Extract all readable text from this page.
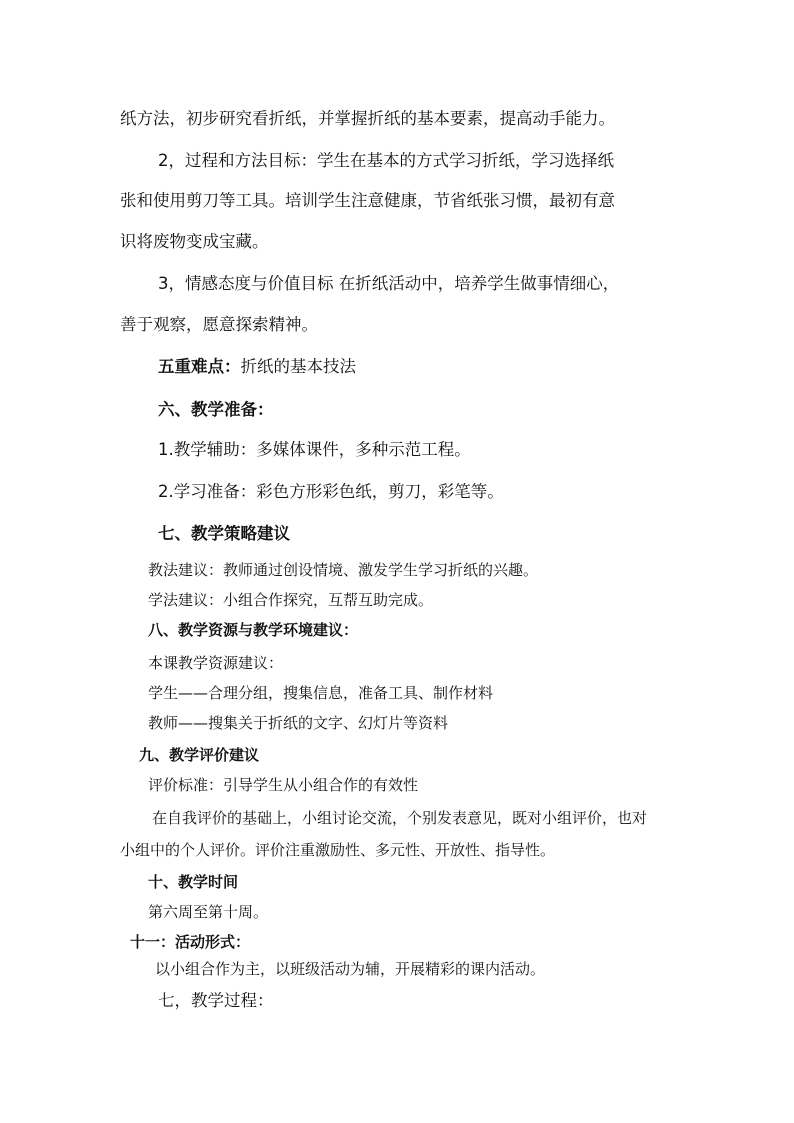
纸方法，初步研究看折纸，并掌握折纸的基本要素，提高动手能力。
2，过程和方法目标：学生在基本的方式学习折纸，学习选择纸
张和使用剪刀等工具。培训学生注意健康，节省纸张习惯，最初有意
识将废物变成宝藏。
3，情感态度与价值目标 在折纸活动中，培养学生做事情细心，
善于观察，愿意探索精神。
五重难点：折纸的基本技法
六、教学准备：
1.教学辅助：多媒体课件，多种示范工程。
2.学习准备：彩色方形彩色纸，剪刀，彩笔等。
七、教学策略建议
教法建议：教师通过创设情境、激发学生学习折纸的兴趣。
学法建议：小组合作探究，互帮互助完成。
八、教学资源与教学环境建议：
本课教学资源建议：
学生——合理分组，搜集信息，准备工具、制作材料
教师——搜集关于折纸的文字、幻灯片等资料
九、教学评价建议
评价标准：引导学生从小组合作的有效性
在自我评价的基础上，小组讨论交流，个别发表意见，既对小组评价，也对
小组中的个人评价。评价注重激励性、多元性、开放性、指导性。
十、教学时间
第六周至第十周。
十一：活动形式：
以小组合作为主，以班级活动为辅，开展精彩的课内活动。
七，教学过程：
